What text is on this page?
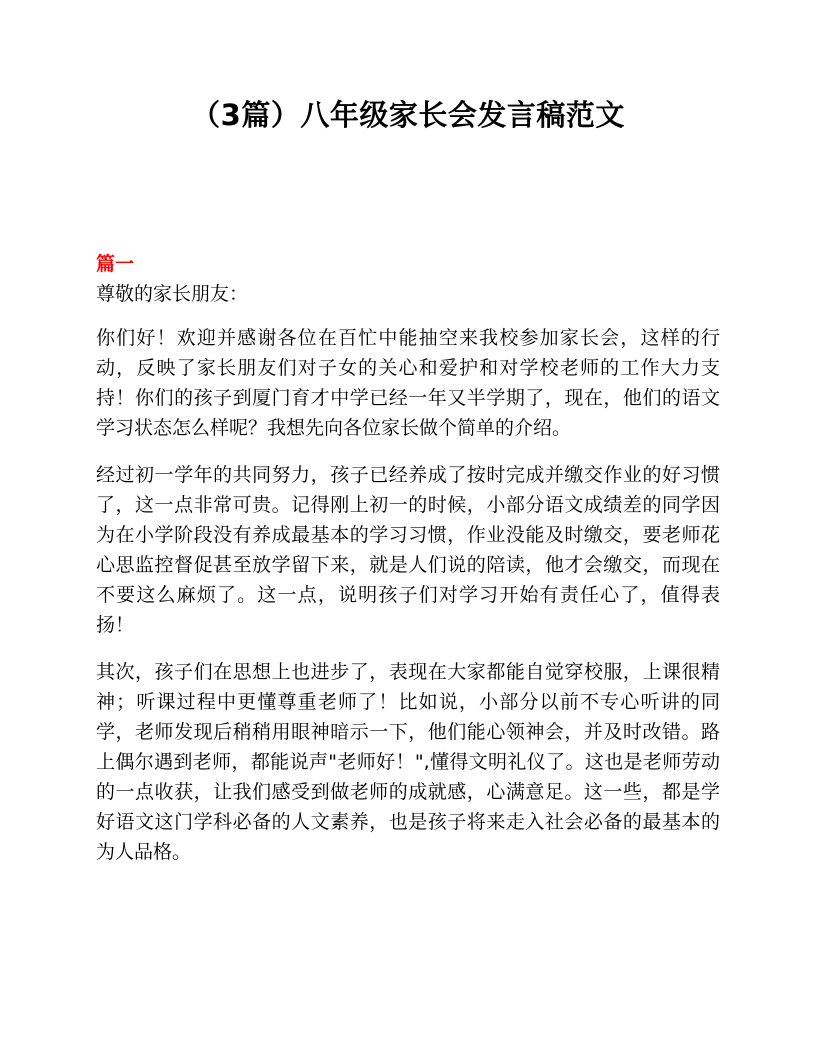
（3篇）八年级家长会发言稿范文

篇一

尊敬的家长朋友：

你们好！欢迎并感谢各位在百忙中能抽空来我校参加家长会，这样的行动，反映了家长朋友们对子女的关心和爱护和对学校老师的工作大力支持！你们的孩子到厦门育才中学已经一年又半学期了，现在，他们的语文学习状态怎么样呢？我想先向各位家长做个简单的介绍。

经过初一学年的共同努力，孩子已经养成了按时完成并缴交作业的好习惯了，这一点非常可贵。记得刚上初一的时候，小部分语文成绩差的同学因为在小学阶段没有养成最基本的学习习惯，作业没能及时缴交，要老师花心思监控督促甚至放学留下来，就是人们说的陪读，他才会缴交，而现在不要这么麻烦了。这一点，说明孩子们对学习开始有责任心了，值得表扬！

其次，孩子们在思想上也进步了，表现在大家都能自觉穿校服，上课很精神；听课过程中更懂尊重老师了！比如说，小部分以前不专心听讲的同学，老师发现后稍稍用眼神暗示一下，他们能心领神会，并及时改错。路上偶尔遇到老师，都能说声"老师好！",懂得文明礼仪了。这也是老师劳动的一点收获，让我们感受到做老师的成就感，心满意足。这一些，都是学好语文这门学科必备的人文素养，也是孩子将来走入社会必备的最基本的为人品格。
